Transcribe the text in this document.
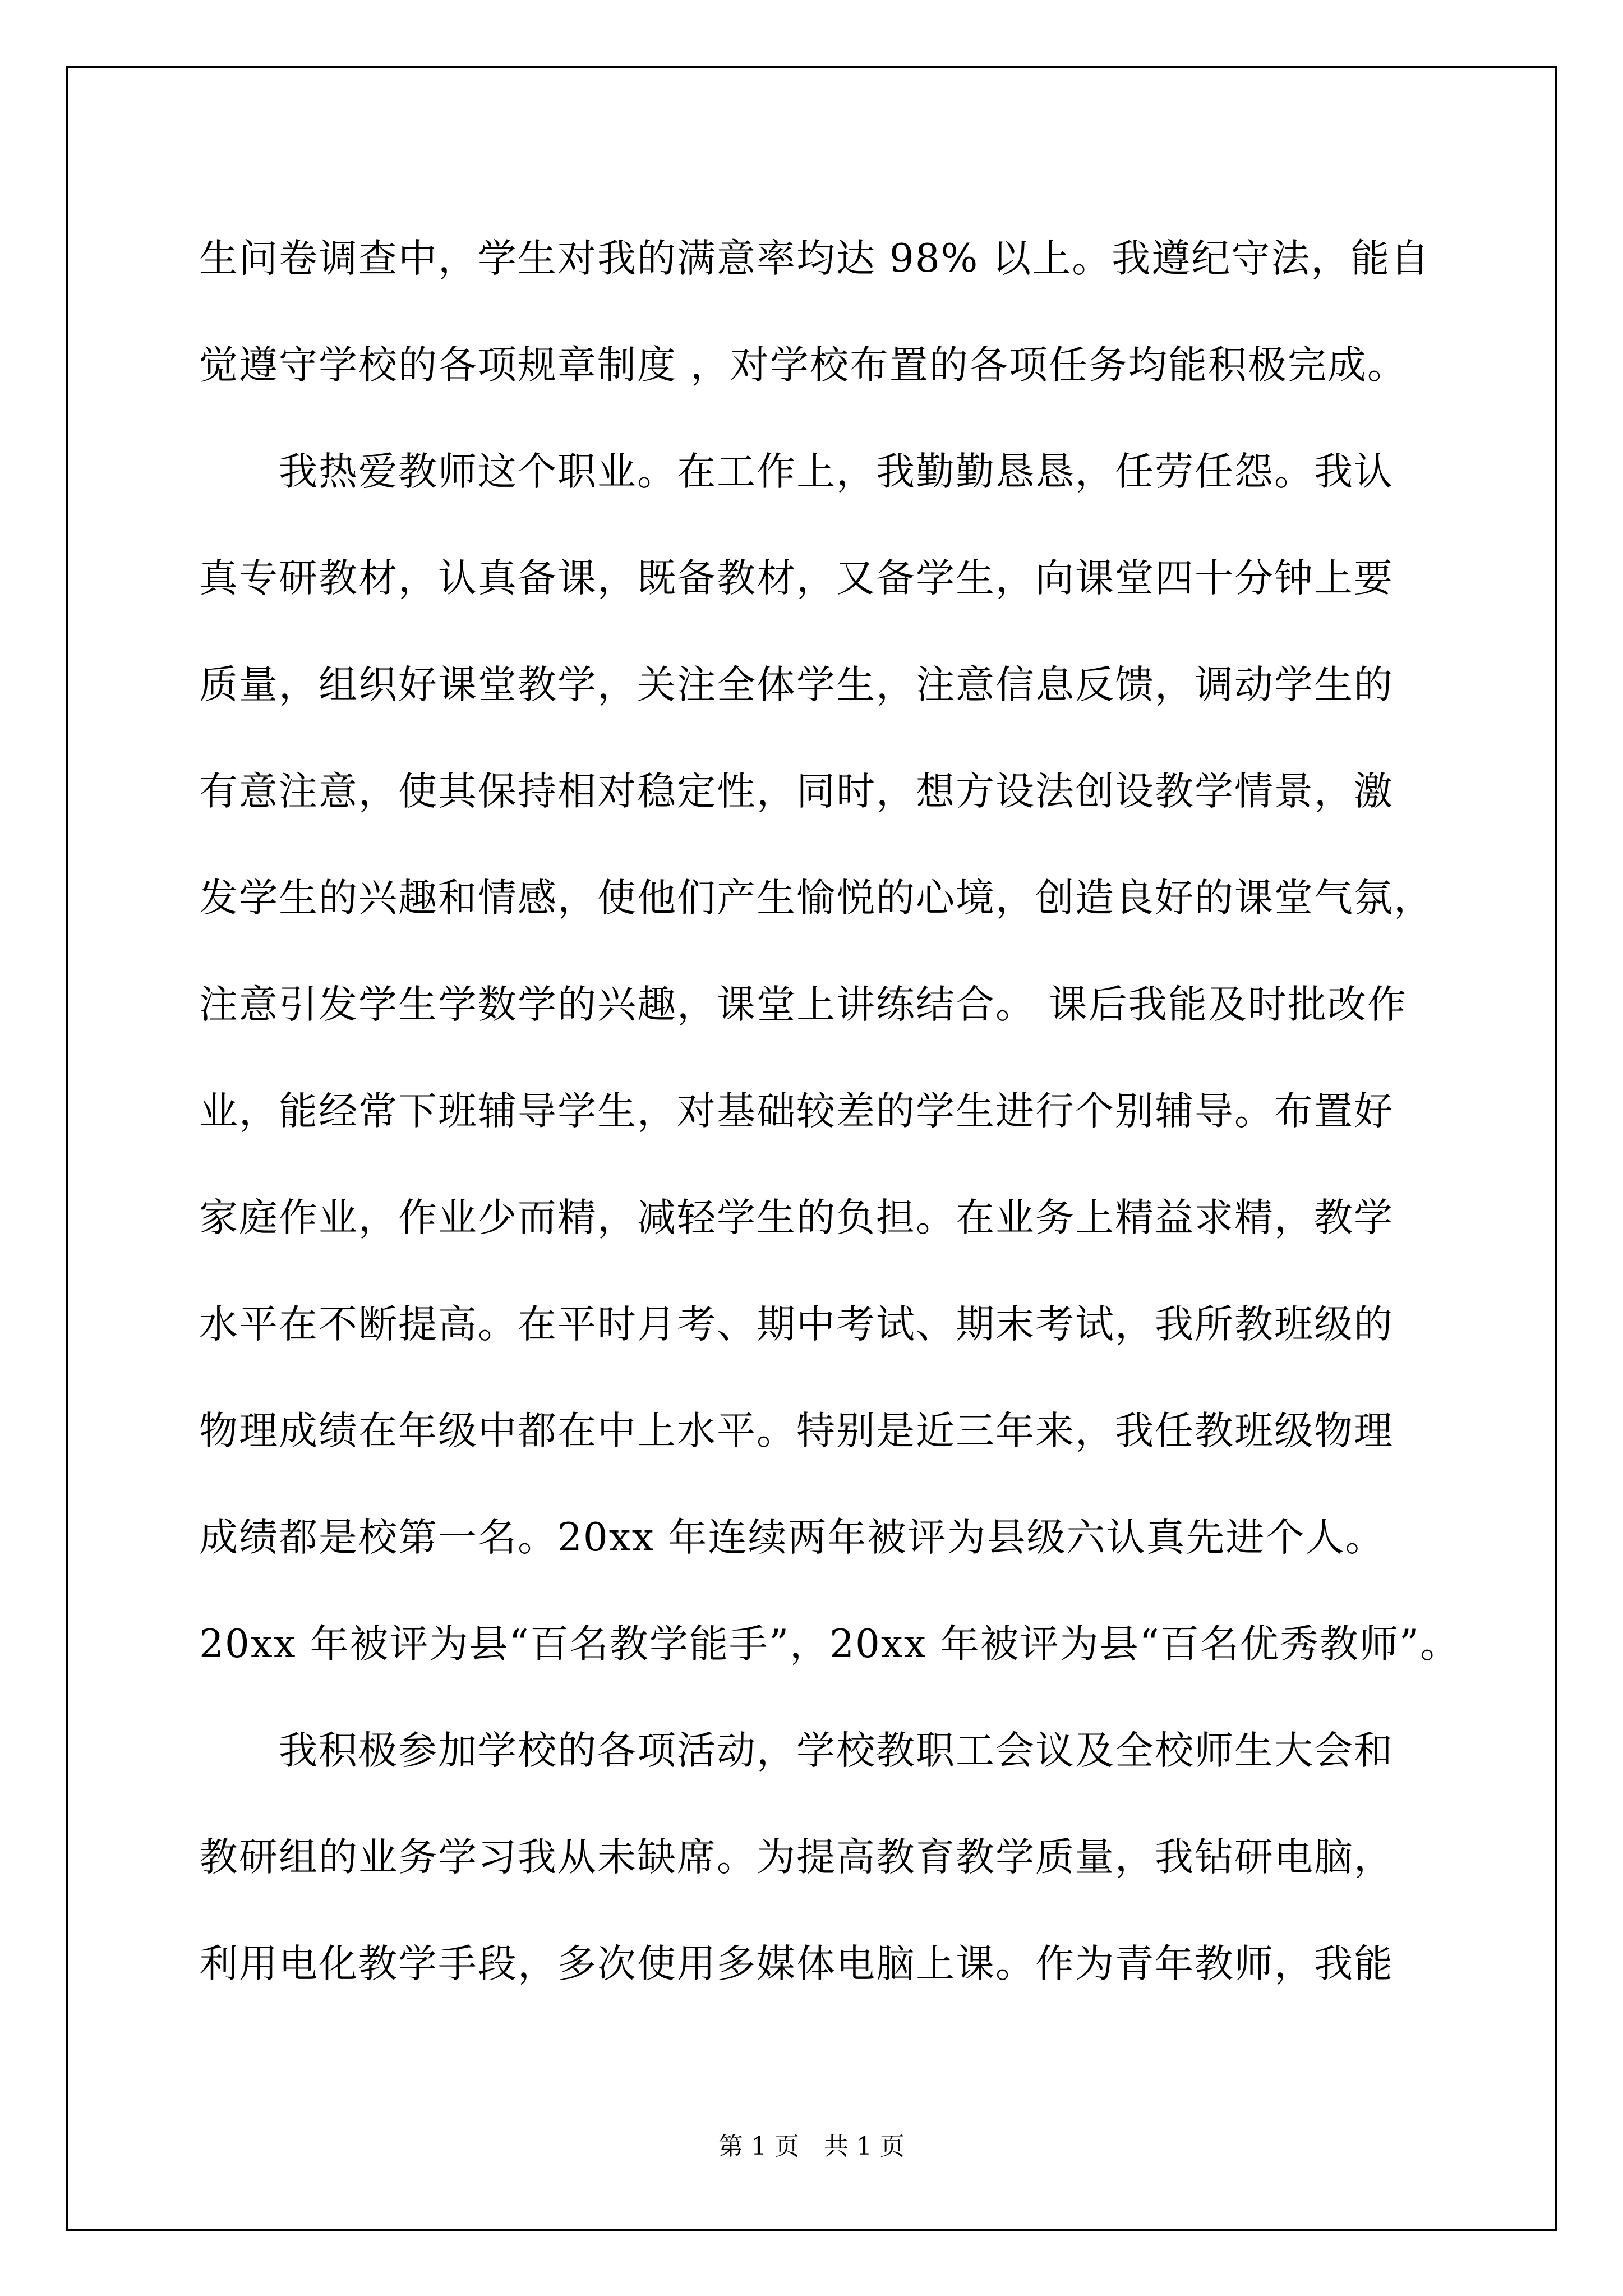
生问卷调查中，学生对我的满意率均达 98% 以上。我遵纪守法，能自
觉遵守学校的各项规章制度 ，对学校布置的各项任务均能积极完成。
　　我热爱教师这个职业。在工作上，我勤勤恳恳，任劳任怨。我认
真专研教材，认真备课，既备教材，又备学生，向课堂四十分钟上要
质量，组织好课堂教学，关注全体学生，注意信息反馈，调动学生的
有意注意，使其保持相对稳定性，同时，想方设法创设教学情景，激
发学生的兴趣和情感，使他们产生愉悦的心境，创造良好的课堂气氛，
注意引发学生学数学的兴趣，课堂上讲练结合。 课后我能及时批改作
业，能经常下班辅导学生，对基础较差的学生进行个别辅导。布置好
家庭作业，作业少而精，减轻学生的负担。在业务上精益求精，教学
水平在不断提高。在平时月考、期中考试、期末考试，我所教班级的
物理成绩在年级中都在中上水平。特别是近三年来，我任教班级物理
成绩都是校第一名。20xx 年连续两年被评为县级六认真先进个人。
20xx 年被评为县“百名教学能手”，20xx 年被评为县“百名优秀教师”。
　　我积极参加学校的各项活动，学校教职工会议及全校师生大会和
教研组的业务学习我从未缺席。为提高教育教学质量，我钻研电脑，
利用电化教学手段，多次使用多媒体电脑上课。作为青年教师，我能
第 1 页　共 1 页
